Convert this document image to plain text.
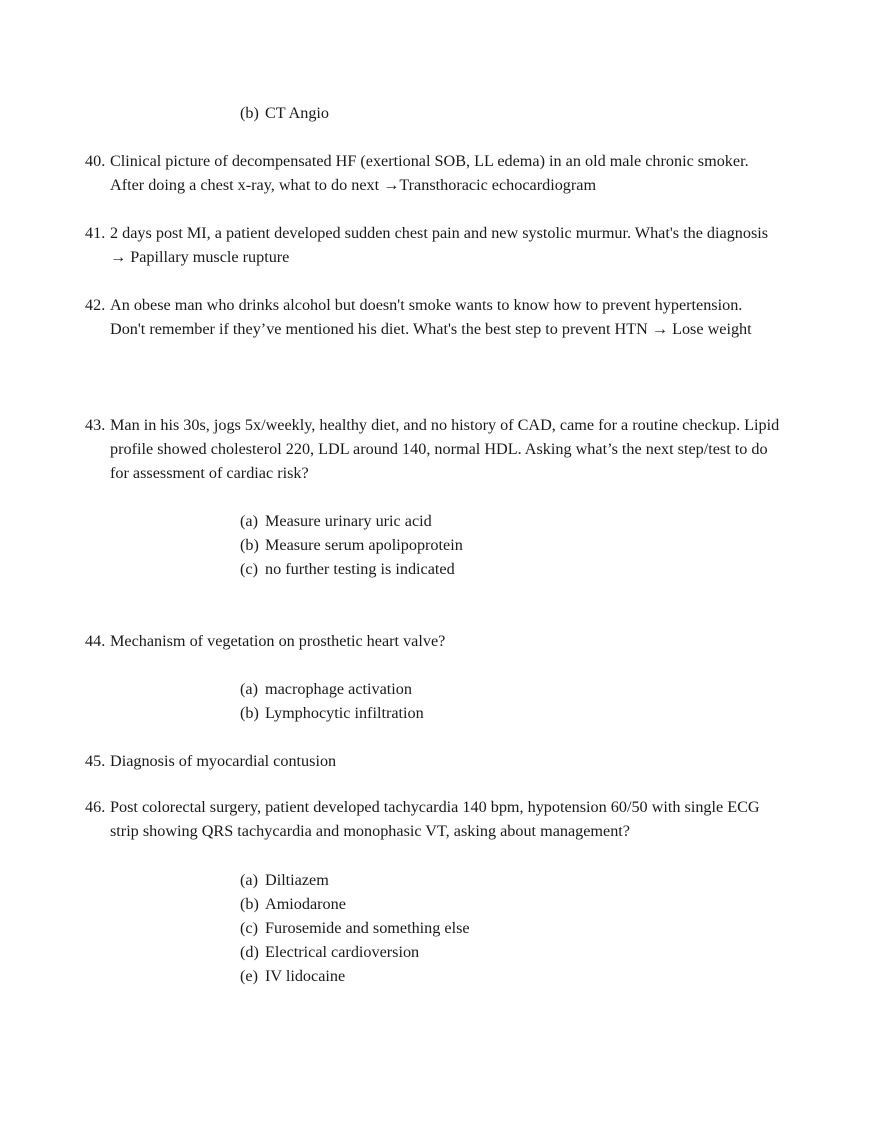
(b) CT Angio
40. Clinical picture of decompensated HF (exertional SOB, LL edema) in an old male chronic smoker. After doing a chest x-ray, what to do next →Transthoracic echocardiogram
41. 2 days post MI, a patient developed sudden chest pain and new systolic murmur. What's the diagnosis → Papillary muscle rupture
42. An obese man who drinks alcohol but doesn't smoke wants to know how to prevent hypertension. Don't remember if they’ve mentioned his diet. What's the best step to prevent HTN → Lose weight
43. Man in his 30s, jogs 5x/weekly, healthy diet, and no history of CAD, came for a routine checkup. Lipid profile showed cholesterol 220, LDL around 140, normal HDL. Asking what’s the next step/test to do for assessment of cardiac risk?
(a) Measure urinary uric acid
(b) Measure serum apolipoprotein
(c) no further testing is indicated
44. Mechanism of vegetation on prosthetic heart valve?
(a) macrophage activation
(b) Lymphocytic infiltration
45. Diagnosis of myocardial contusion
46. Post colorectal surgery, patient developed tachycardia 140 bpm, hypotension 60/50 with single ECG strip showing QRS tachycardia and monophasic VT, asking about management?
(a) Diltiazem
(b) Amiodarone
(c) Furosemide and something else
(d) Electrical cardioversion
(e) IV lidocaine
